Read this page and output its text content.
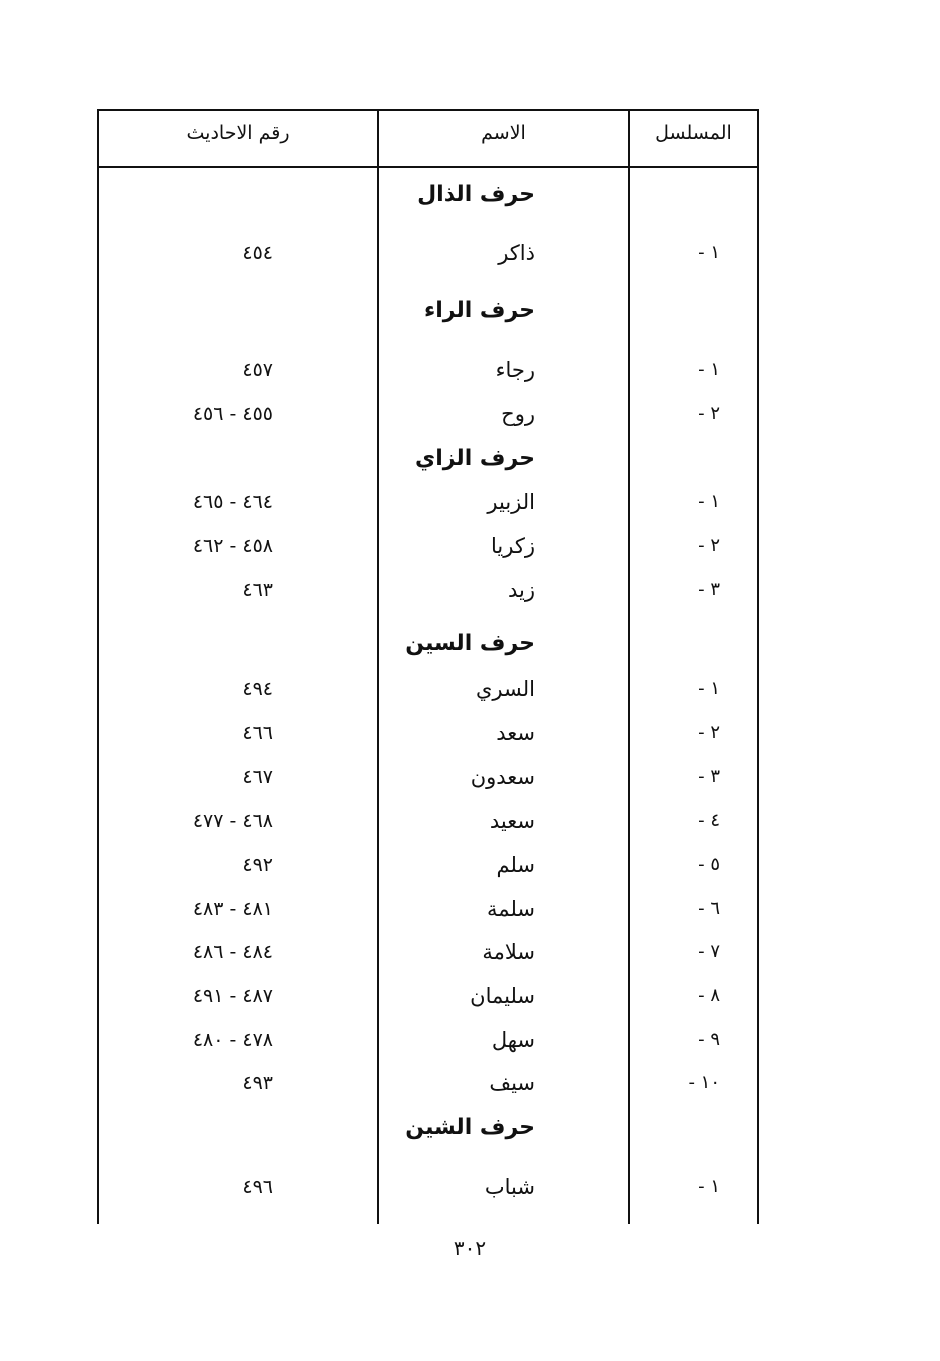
المسلسل
الاسم
رقم الاحاديث
حرف الذال
١ -
ذاكر
٤٥٤
حرف الراء
١ -
رجاء
٤٥٧
٢ -
روح
٤٥٥ - ٤٥٦
حرف الزاي
١ -
الزبير
٤٦٤ - ٤٦٥
٢ -
زكريا
٤٥٨ - ٤٦٢
٣ -
زيد
٤٦٣
حرف السين
١ -
السري
٤٩٤
٢ -
سعد
٤٦٦
٣ -
سعدون
٤٦٧
٤ -
سعيد
٤٦٨ - ٤٧٧
٥ -
سلم
٤٩٢
٦ -
سلمة
٤٨١ - ٤٨٣
٧ -
سلامة
٤٨٤ - ٤٨٦
٨ -
سليمان
٤٨٧ - ٤٩١
٩ -
سهل
٤٧٨ - ٤٨٠
١٠ -
سيف
٤٩٣
حرف الشين
١ -
شباب
٤٩٦
٣٠٢
